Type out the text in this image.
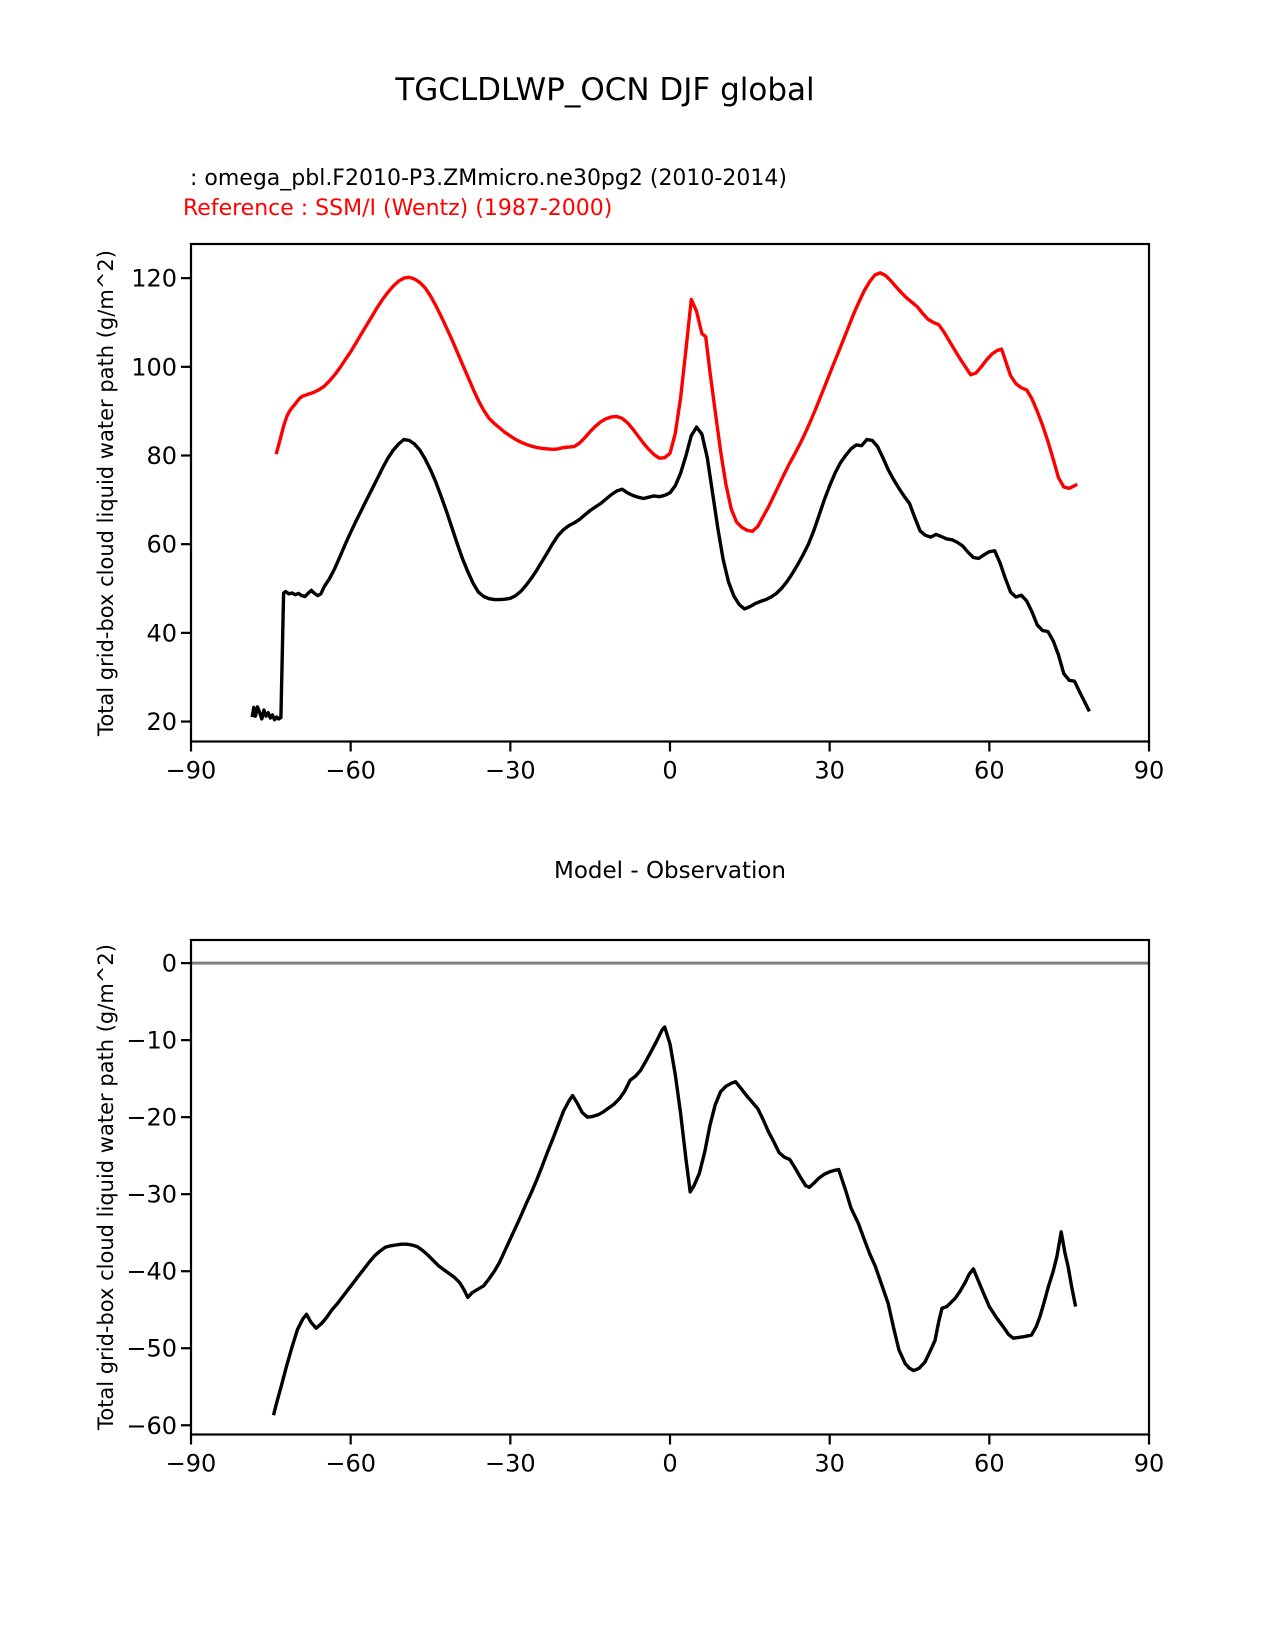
−90	−60	−30	0	30	60	90
20
40
60
80
100
120
−90	−60	−30	0	30	60	90
0
−10
−20
−30
−40
−50
−60
TGCLDLWP_OCN DJF global
: omega_pbl.F2010-P3.ZMmicro.ne30pg2 (2010-2014)
Reference : SSM/I (Wentz) (1987-2000)
Total grid-box cloud liquid water path (g/m^2)
Model - Observation
Total grid-box cloud liquid water path (g/m^2)
